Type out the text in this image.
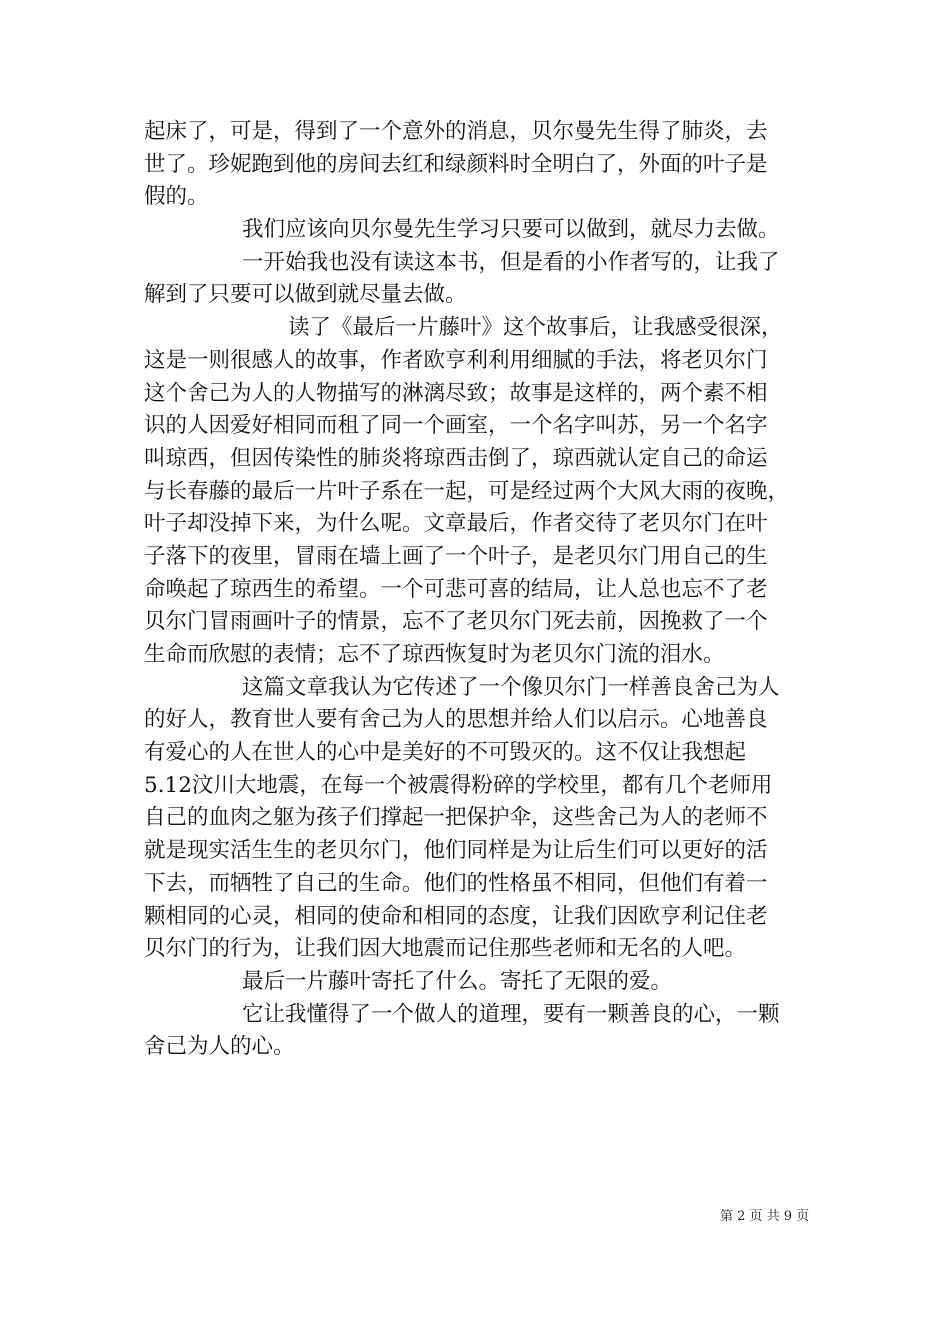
起床了，可是，得到了一个意外的消息，贝尔曼先生得了肺炎，去
世了。珍妮跑到他的房间去红和绿颜料时全明白了，外面的叶子是
假的。
我们应该向贝尔曼先生学习只要可以做到，就尽力去做。
一开始我也没有读这本书，但是看的小作者写的，让我了
解到了只要可以做到就尽量去做。
读了《最后一片藤叶》这个故事后，让我感受很深，
这是一则很感人的故事，作者欧亨利利用细腻的手法，将老贝尔门
这个舍己为人的人物描写的淋漓尽致；故事是这样的，两个素不相
识的人因爱好相同而租了同一个画室，一个名字叫苏，另一个名字
叫琼西，但因传染性的肺炎将琼西击倒了，琼西就认定自己的命运
与长春藤的最后一片叶子系在一起，可是经过两个大风大雨的夜晚，
叶子却没掉下来，为什么呢。文章最后，作者交待了老贝尔门在叶
子落下的夜里，冒雨在墙上画了一个叶子，是老贝尔门用自己的生
命唤起了琼西生的希望。一个可悲可喜的结局，让人总也忘不了老
贝尔门冒雨画叶子的情景，忘不了老贝尔门死去前，因挽救了一个
生命而欣慰的表情；忘不了琼西恢复时为老贝尔门流的泪水。
这篇文章我认为它传述了一个像贝尔门一样善良舍己为人
的好人，教育世人要有舍己为人的思想并给人们以启示。心地善良
有爱心的人在世人的心中是美好的不可毁灭的。这不仅让我想起
5.12汶川大地震，在每一个被震得粉碎的学校里，都有几个老师用
自己的血肉之躯为孩子们撑起一把保护伞，这些舍己为人的老师不
就是现实活生生的老贝尔门，他们同样是为让后生们可以更好的活
下去，而牺牲了自己的生命。他们的性格虽不相同，但他们有着一
颗相同的心灵，相同的使命和相同的态度，让我们因欧亨利记住老
贝尔门的行为，让我们因大地震而记住那些老师和无名的人吧。
最后一片藤叶寄托了什么。寄托了无限的爱。
它让我懂得了一个做人的道理，要有一颗善良的心，一颗
舍己为人的心。
第 2 页 共 9 页
